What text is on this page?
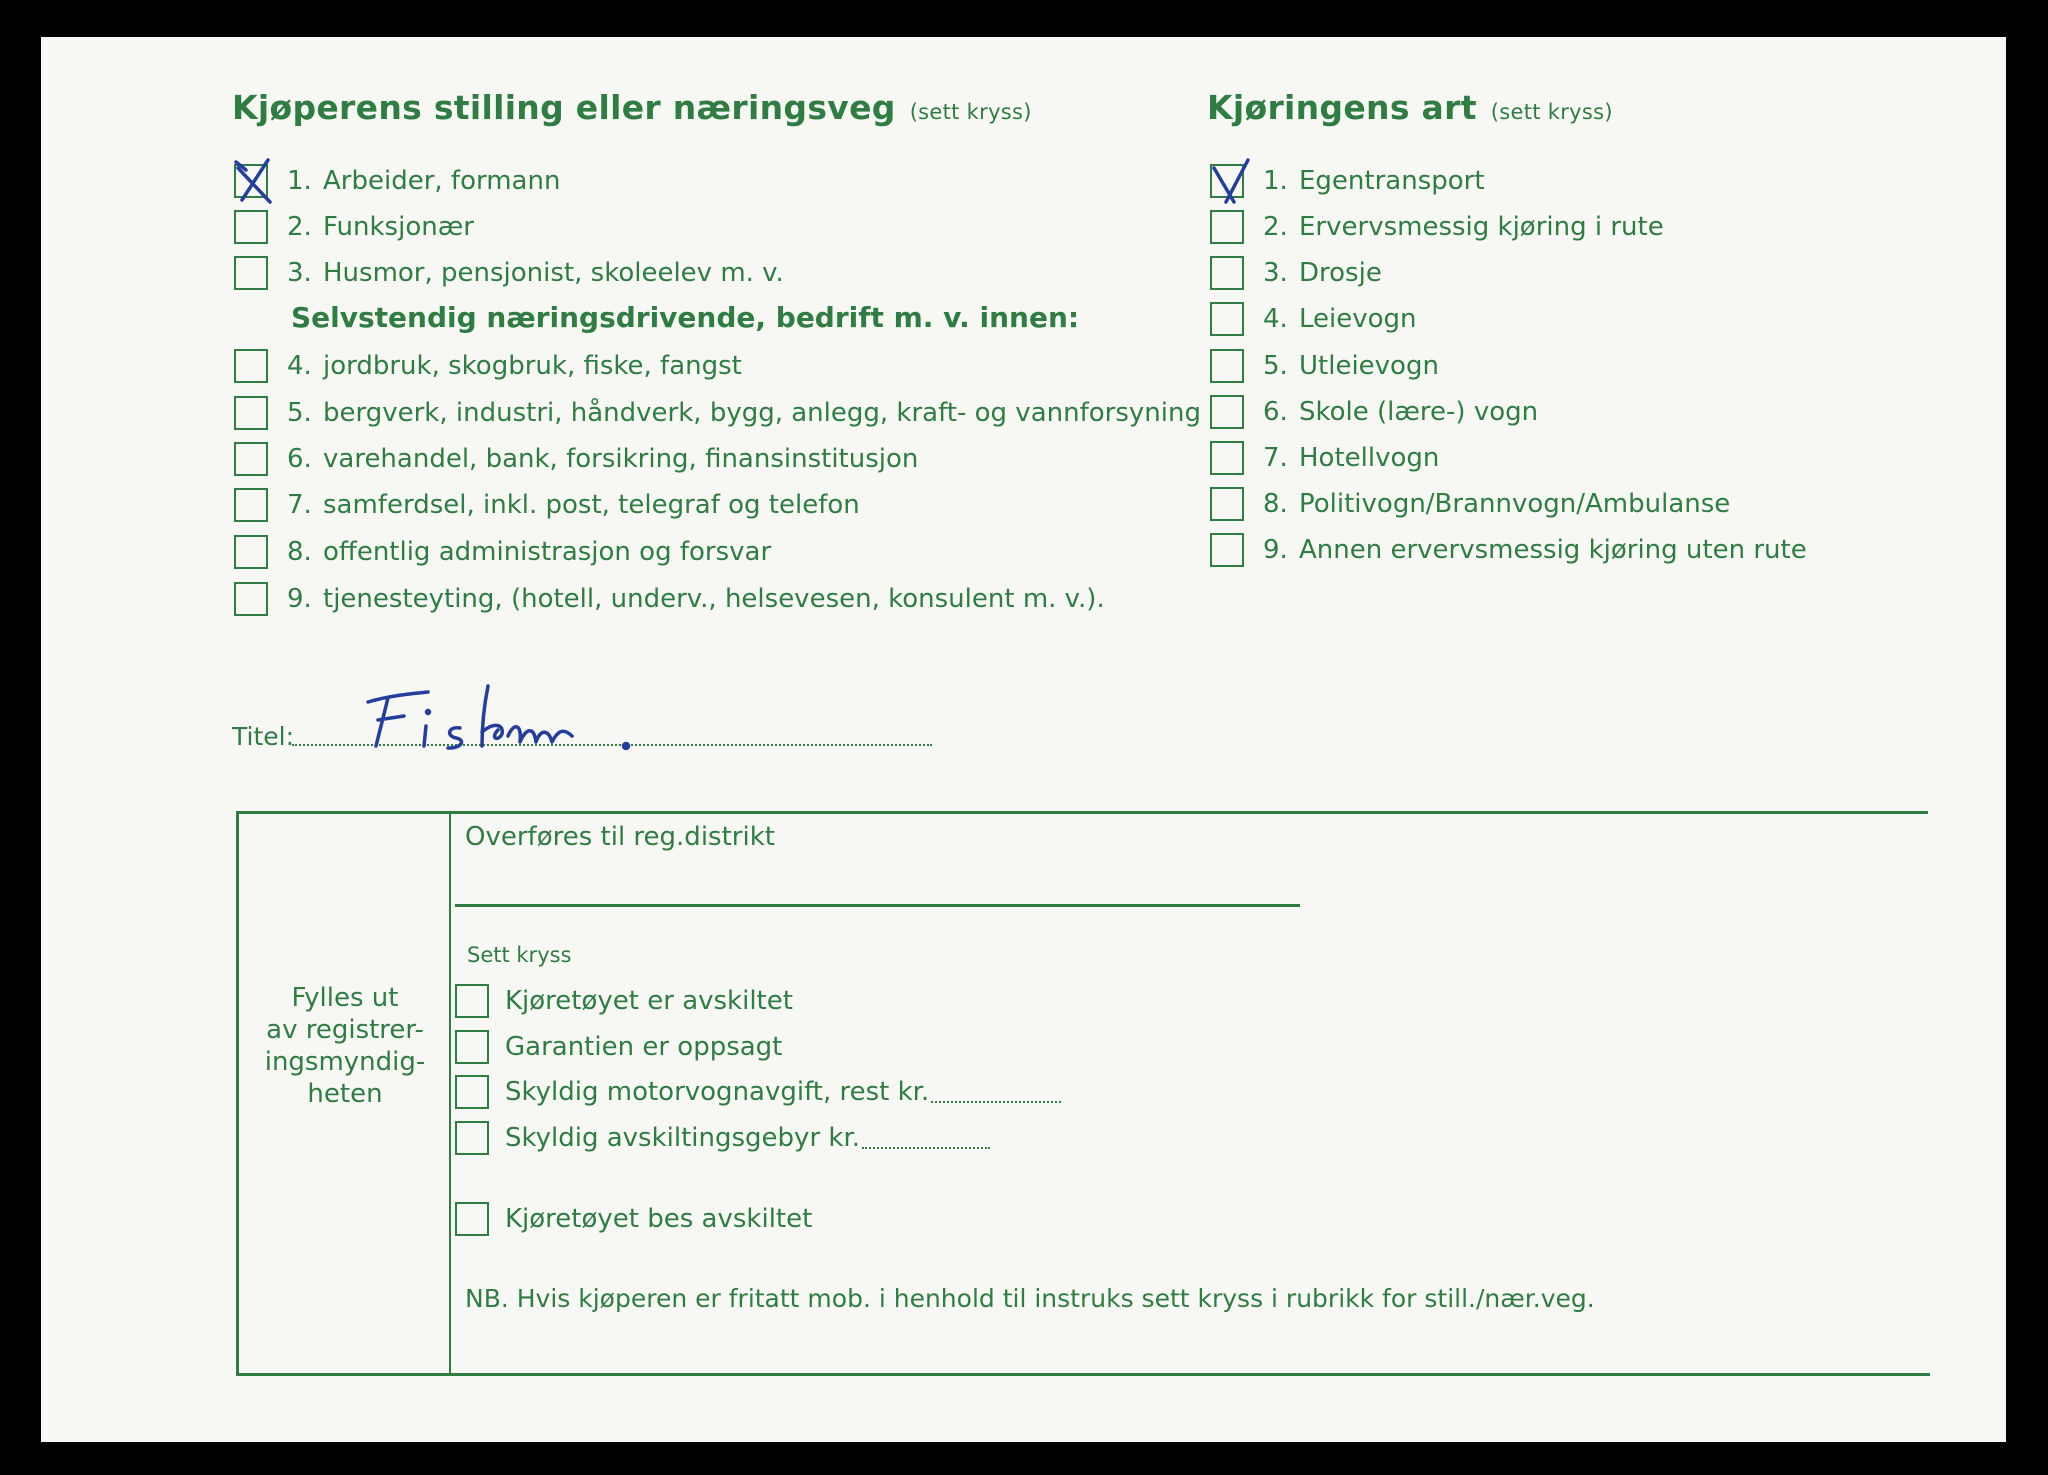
Kjøperens stilling eller næringsveg (sett kryss)
1. Arbeider, formann
2. Funksjonær
3. Husmor, pensjonist, skoleelev m. v.
Selvstendig næringsdrivende, bedrift m. v. innen:
4. jordbruk, skogbruk, fiske, fangst
5. bergverk, industri, håndverk, bygg, anlegg, kraft- og vannforsyning
6. varehandel, bank, forsikring, finansinstitusjon
7. samferdsel, inkl. post, telegraf og telefon
8. offentlig administrasjon og forsvar
9. tjenesteyting, (hotell, underv., helsevesen, konsulent m. v.).
Kjøringens art (sett kryss)
1. Egentransport
2. Ervervsmessig kjøring i rute
3. Drosje
4. Leievogn
5. Utleievogn
6. Skole (lære-) vogn
7. Hotellvogn
8. Politivogn/Brannvogn/Ambulanse
9. Annen ervervsmessig kjøring uten rute
Titel:
Fylles ut
av registrer-
ingsmyndig-
heten
Overføres til reg.distrikt
Sett kryss
Kjøretøyet er avskiltet
Garantien er oppsagt
Skyldig motorvognavgift, rest kr.
Skyldig avskiltingsgebyr kr.
Kjøretøyet bes avskiltet
NB. Hvis kjøperen er fritatt mob. i henhold til instruks sett kryss i rubrikk for still./nær.veg.
